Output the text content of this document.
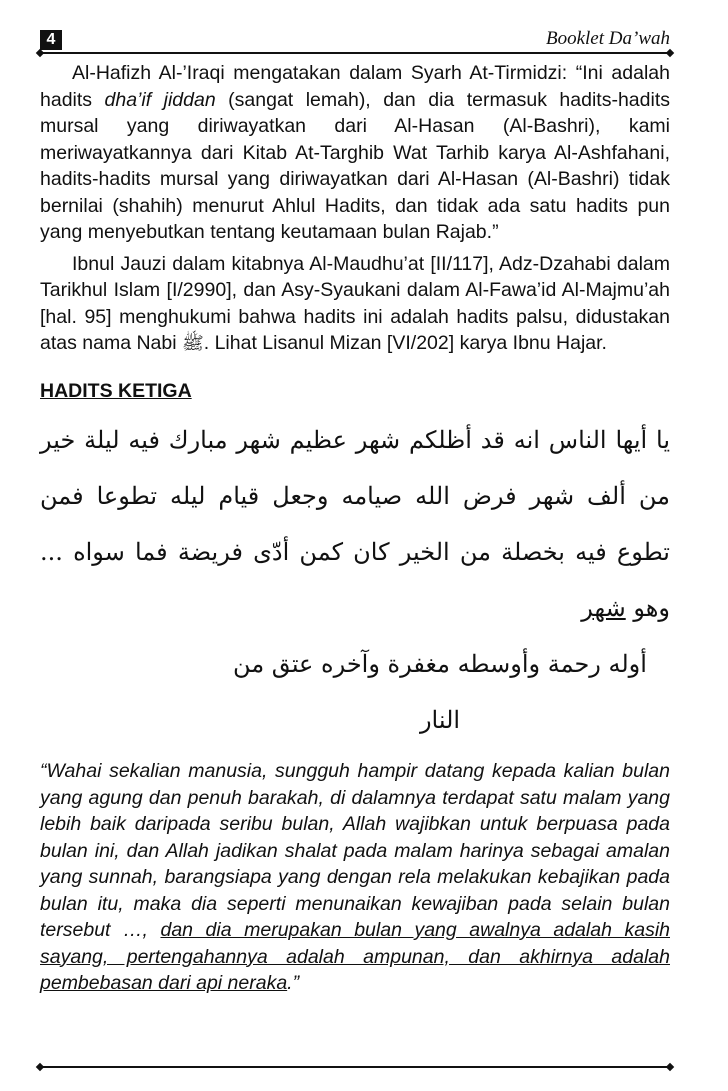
4	Booklet Da’wah

Al-Hafizh Al-’Iraqi mengatakan dalam Syarh At-Tirmidzi: “Ini adalah hadits dha’if jiddan (sangat lemah), dan dia termasuk hadits-hadits mursal yang diriwayatkan dari Al-Hasan (Al-Bashri), kami meriwayatkannya dari Kitab At-Targhib Wat Tarhib karya Al-Ashfahani, hadits-hadits mursal yang diriwayatkan dari Al-Hasan (Al-Bashri) tidak bernilai (shahih) menurut Ahlul Hadits, dan tidak ada satu hadits pun yang menyebutkan tentang keutamaan bulan Rajab.”

Ibnul Jauzi dalam kitabnya Al-Maudhu’at [II/117], Adz-Dzahabi dalam Tarikhul Islam [I/2990], dan Asy-Syaukani dalam Al-Fawa’id Al-Majmu’ah [hal. 95] menghukumi bahwa hadits ini adalah hadits palsu, didustakan atas nama Nabi ﷺ. Lihat Lisanul Mizan [VI/202] karya Ibnu Hajar.

HADITS KETIGA
يا أيها الناس انه قد أظلكم شهر عظيم شهر مبارك فيه ليلة خير من ألف شهر فرض الله صيامه وجعل قيام ليله تطوعا فمن تطوع فيه بخصلة من الخير كان كمن أدّى فريضة فما سواه ... وهو شهر
أوله رحمة وأوسطه مغفرة وآخره عتق من النار

“Wahai sekalian manusia, sungguh hampir datang kepada kalian bulan yang agung dan penuh barakah, di dalamnya terdapat satu malam yang lebih baik daripada seribu bulan, Allah wajibkan untuk berpuasa pada bulan ini, dan Allah jadikan shalat pada malam harinya sebagai amalan yang sunnah, barangsiapa yang dengan rela melakukan kebajikan pada bulan itu, maka dia seperti menunaikan kewajiban pada selain bulan tersebut …, dan dia merupakan bulan yang awalnya adalah kasih sayang, pertengahannya adalah ampunan, dan akhirnya adalah pembebasan dari api neraka.”
